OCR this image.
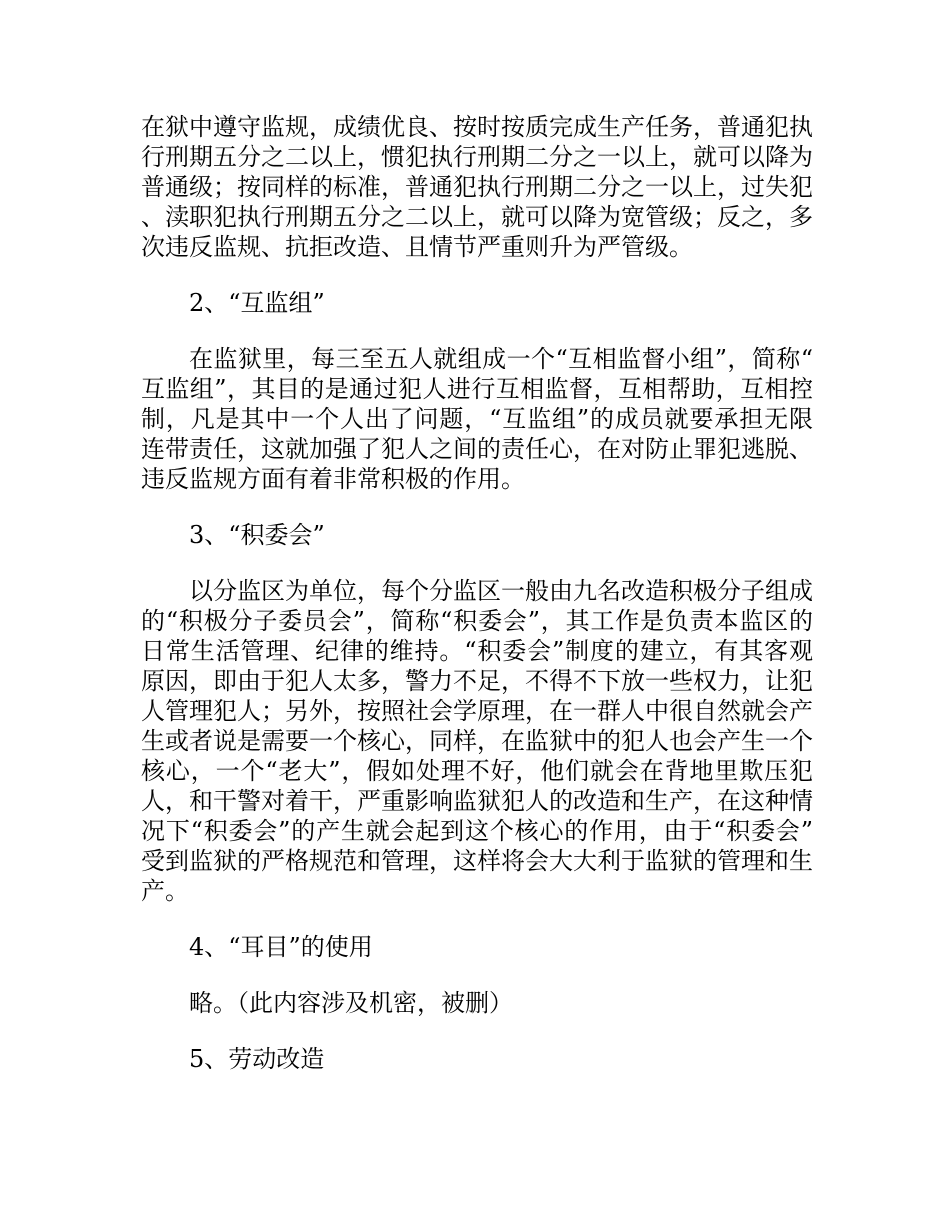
在狱中遵守监规，成绩优良、按时按质完成生产任务，普通犯执行刑期五分之二以上，惯犯执行刑期二分之一以上，就可以降为普通级；按同样的标准，普通犯执行刑期二分之一以上，过失犯、渎职犯执行刑期五分之二以上，就可以降为宽管级；反之，多次违反监规、抗拒改造、且情节严重则升为严管级。

2、“互监组”

在监狱里，每三至五人就组成一个“互相监督小组”，简称“互监组”，其目的是通过犯人进行互相监督，互相帮助，互相控制，凡是其中一个人出了问题，“互监组”的成员就要承担无限连带责任，这就加强了犯人之间的责任心，在对防止罪犯逃脱、违反监规方面有着非常积极的作用。

3、“积委会”

以分监区为单位，每个分监区一般由九名改造积极分子组成的“积极分子委员会”，简称“积委会”，其工作是负责本监区的日常生活管理、纪律的维持。“积委会”制度的建立，有其客观原因，即由于犯人太多，警力不足，不得不下放一些权力，让犯人管理犯人；另外，按照社会学原理，在一群人中很自然就会产生或者说是需要一个核心，同样，在监狱中的犯人也会产生一个核心，一个“老大”，假如处理不好，他们就会在背地里欺压犯人，和干警对着干，严重影响监狱犯人的改造和生产，在这种情况下“积委会”的产生就会起到这个核心的作用，由于“积委会”受到监狱的严格规范和管理，这样将会大大利于监狱的管理和生产。

4、“耳目”的使用

略。（此内容涉及机密，被删）

5、劳动改造
